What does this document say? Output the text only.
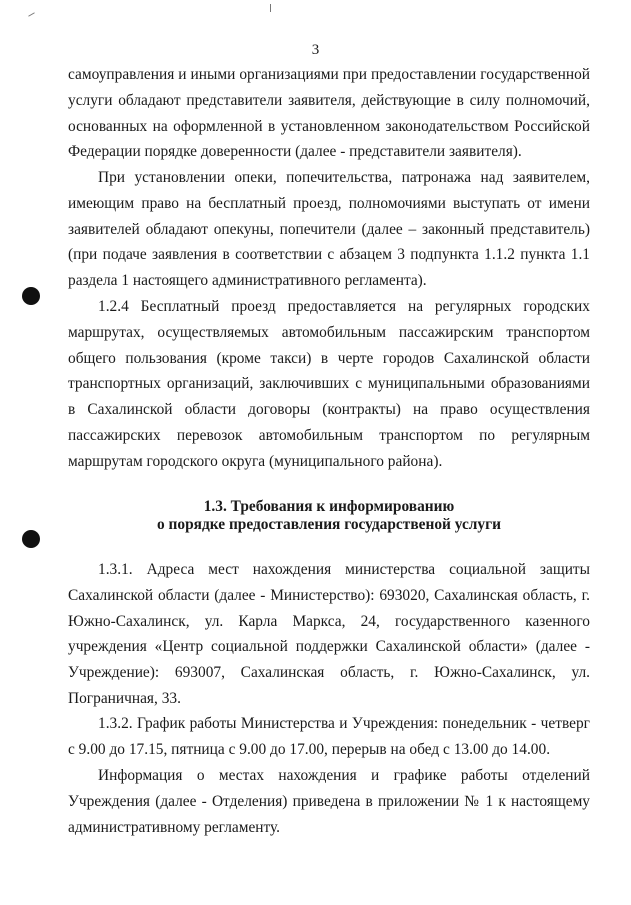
3

самоуправления и иными организациями при предоставлении государственной услуги обладают представители заявителя, действующие в силу полномочий, основанных на оформленной в установленном законодательством Российской Федерации порядке доверенности (далее - представители заявителя).

При установлении опеки, попечительства, патронажа над заявителем, имеющим право на бесплатный проезд, полномочиями выступать от имени заявителей обладают опекуны, попечители (далее – законный представитель) (при подаче заявления в соответствии с абзацем 3 подпункта 1.1.2 пункта 1.1 раздела 1 настоящего административного регламента).

1.2.4 Бесплатный проезд предоставляется на регулярных городских маршрутах, осуществляемых автомобильным пассажирским транспортом общего пользования (кроме такси) в черте городов Сахалинской области транспортных организаций, заключивших с муниципальными образованиями в Сахалинской области договоры (контракты) на право осуществления пассажирских перевозок автомобильным транспортом по регулярным маршрутам городского округа (муниципального района).

1.3. Требования к информированию
о порядке предоставления государственой услуги

1.3.1. Адреса мест нахождения министерства социальной защиты Сахалинской области (далее - Министерство): 693020, Сахалинская область, г. Южно-Сахалинск, ул. Карла Маркса, 24, государственного казенного учреждения «Центр социальной поддержки Сахалинской области» (далее - Учреждение): 693007, Сахалинская область, г. Южно-Сахалинск, ул. Пограничная, 33.

1.3.2. График работы Министерства и Учреждения: понедельник - четверг с 9.00 до 17.15, пятница с 9.00 до 17.00, перерыв на обед с 13.00 до 14.00.

Информация о местах нахождения и графике работы отделений Учреждения (далее - Отделения) приведена в приложении № 1 к настоящему административному регламенту.
